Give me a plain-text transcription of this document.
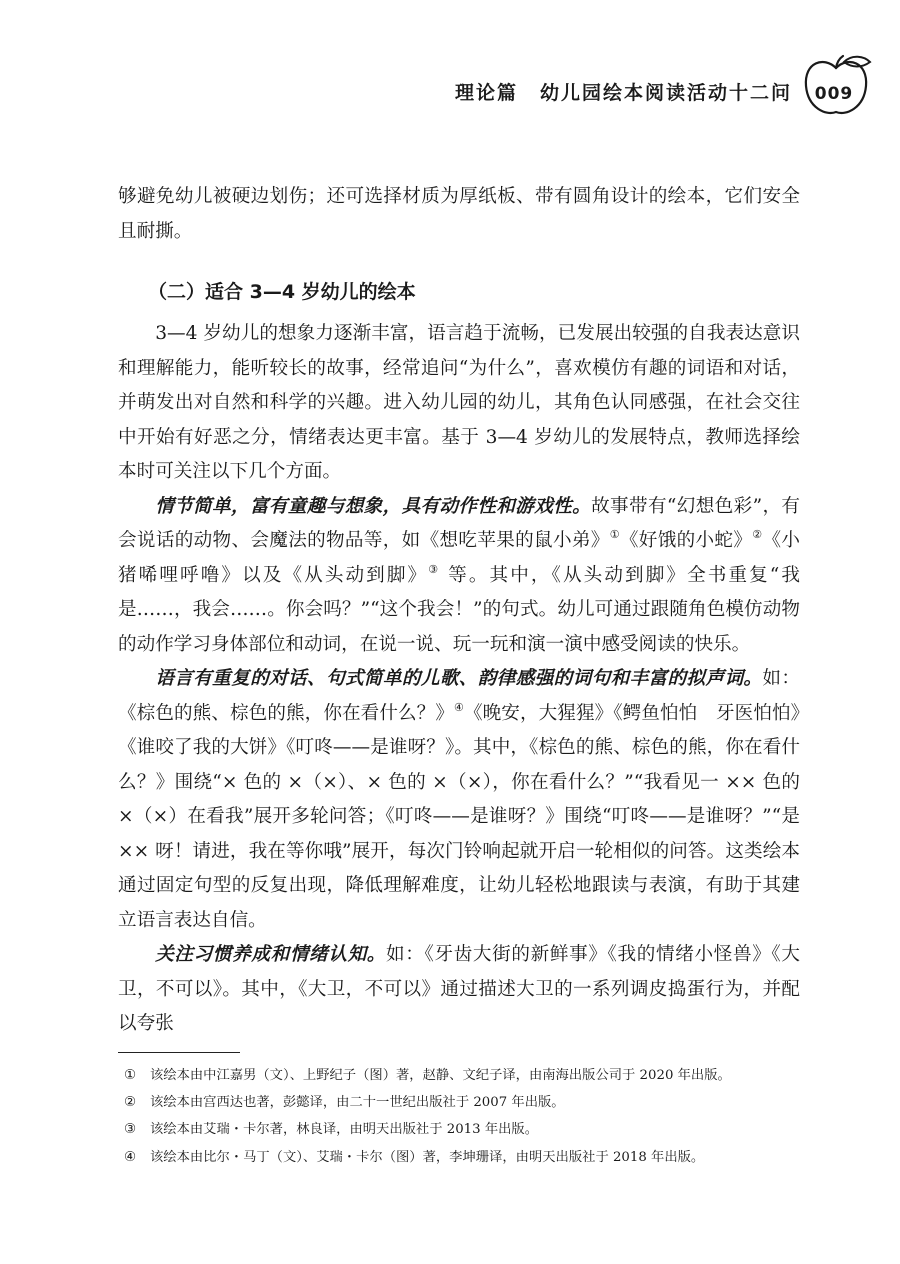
理论篇 幼儿园绘本阅读活动十二问 009

够避免幼儿被硬边划伤；还可选择材质为厚纸板、带有圆角设计的绘本，它们安全且耐撕。

（二）适合 3—4 岁幼儿的绘本

3—4 岁幼儿的想象力逐渐丰富，语言趋于流畅，已发展出较强的自我表达意识和理解能力，能听较长的故事，经常追问“为什么”，喜欢模仿有趣的词语和对话，并萌发出对自然和科学的兴趣。进入幼儿园的幼儿，其角色认同感强，在社会交往中开始有好恶之分，情绪表达更丰富。基于 3—4 岁幼儿的发展特点，教师选择绘本时可关注以下几个方面。

情节简单，富有童趣与想象，具有动作性和游戏性。故事带有“幻想色彩”，有会说话的动物、会魔法的物品等，如《想吃苹果的鼠小弟》①《好饿的小蛇》②《小猪唏哩呼噜》以及《从头动到脚》③ 等。其中，《从头动到脚》全书重复“我是……，我会……。你会吗？”“这个我会！”的句式。幼儿可通过跟随角色模仿动物的动作学习身体部位和动词，在说一说、玩一玩和演一演中感受阅读的快乐。

语言有重复的对话、句式简单的儿歌、韵律感强的词句和丰富的拟声词。如：《棕色的熊、棕色的熊，你在看什么？》④《晚安，大猩猩》《鳄鱼怕怕　牙医怕怕》《谁咬了我的大饼》《叮咚——是谁呀？》。其中，《棕色的熊、棕色的熊，你在看什么？》围绕“× 色的 ×（×）、× 色的 ×（×），你在看什么？”“我看见一 ×× 色的 ×（×）在看我”展开多轮问答；《叮咚——是谁呀？》围绕“叮咚——是谁呀？”“是 ×× 呀！请进，我在等你哦”展开，每次门铃响起就开启一轮相似的问答。这类绘本通过固定句型的反复出现，降低理解难度，让幼儿轻松地跟读与表演，有助于其建立语言表达自信。

关注习惯养成和情绪认知。如：《牙齿大街的新鲜事》《我的情绪小怪兽》《大卫，不可以》。其中，《大卫，不可以》通过描述大卫的一系列调皮捣蛋行为，并配以夸张

① 该绘本由中江嘉男（文）、上野纪子（图）著，赵静、文纪子译，由南海出版公司于 2020 年出版。
② 该绘本由宫西达也著，彭懿译，由二十一世纪出版社于 2007 年出版。
③ 该绘本由艾瑞・卡尔著，林良译，由明天出版社于 2013 年出版。
④ 该绘本由比尔・马丁（文）、艾瑞・卡尔（图）著，李坤珊译，由明天出版社于 2018 年出版。
